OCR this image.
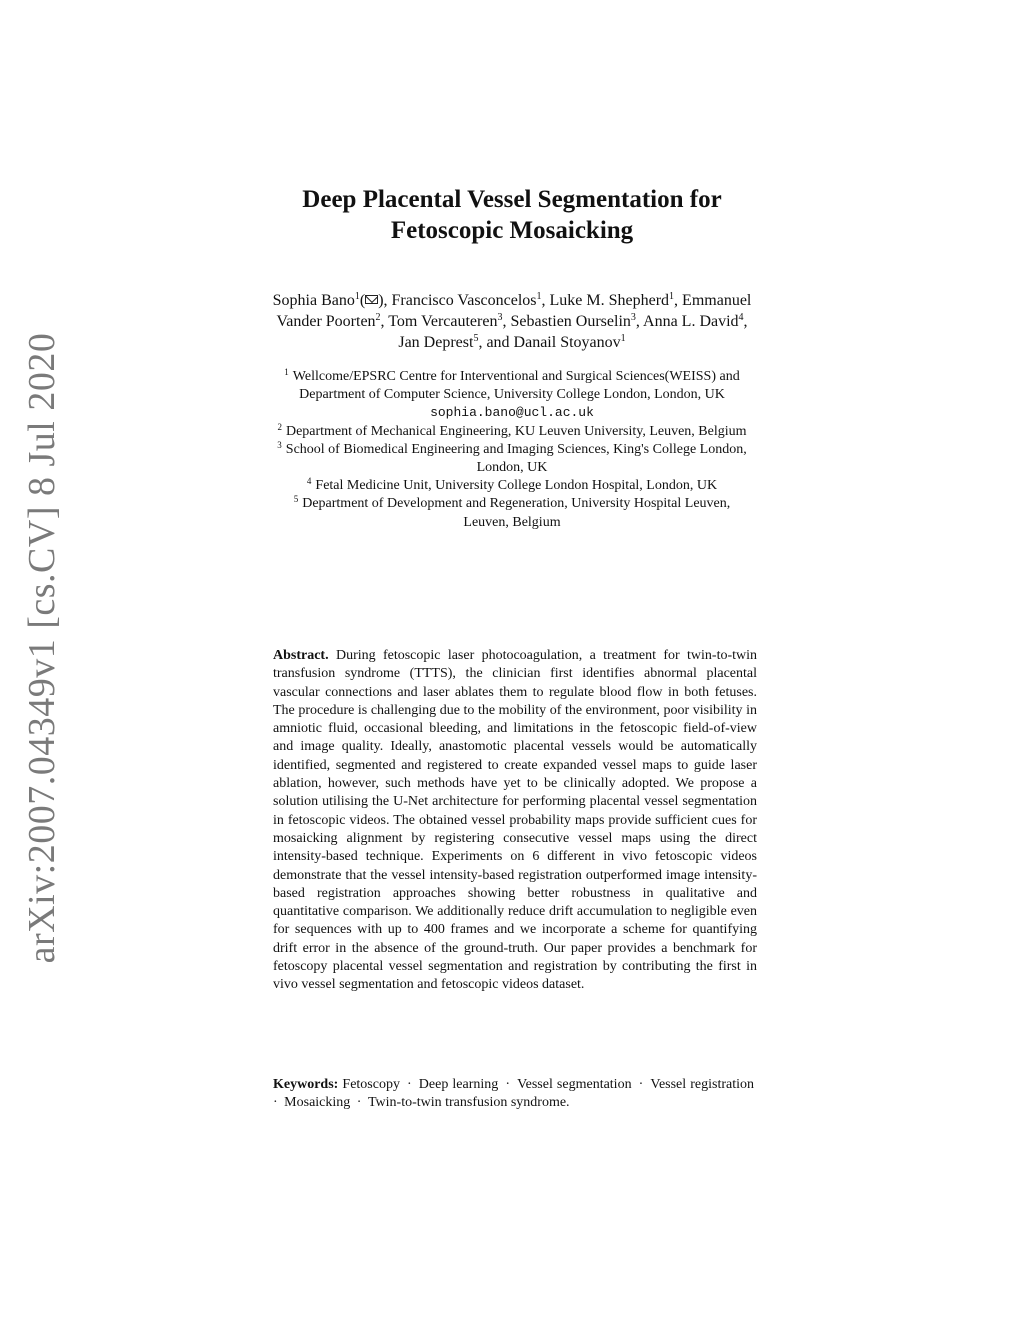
arXiv:2007.04349v1 [cs.CV] 8 Jul 2020
Deep Placental Vessel Segmentation for
Fetoscopic Mosaicking
Sophia Bano$^1$( ), Francisco Vasconcelos$^1$, Luke M. Shepherd$^1$, Emmanuel
Vander Poorten$^2$, Tom Vercauteren$^3$, Sebastien Ourselin$^3$, Anna L. David$^4$,
Jan Deprest$^5$, and Danail Stoyanov$^1$
$^1$ Wellcome/EPSRC Centre for Interventional and Surgical Sciences(WEISS) and
Department of Computer Science, University College London, London, UK
sophia.bano@ucl.ac.uk
$^2$ Department of Mechanical Engineering, KU Leuven University, Leuven, Belgium
$^3$ School of Biomedical Engineering and Imaging Sciences, King's College London,
London, UK
$^4$ Fetal Medicine Unit, University College London Hospital, London, UK
$^5$ Department of Development and Regeneration, University Hospital Leuven,
Leuven, Belgium
Abstract. During fetoscopic laser photocoagulation, a treatment for twin-to-twin transfusion syndrome (TTTS), the clinician first identifies abnormal placental vascular connections and laser ablates them to regulate blood flow in both fetuses. The procedure is challenging due to the mobility of the environment, poor visibility in amniotic fluid, occasional bleeding, and limitations in the fetoscopic field-of-view and image quality. Ideally, anastomotic placental vessels would be automatically identified, segmented and registered to create expanded vessel maps to guide laser ablation, however, such methods have yet to be clinically adopted. We propose a solution utilising the U-Net architecture for performing placental vessel segmentation in fetoscopic videos. The obtained vessel probability maps provide sufficient cues for mosaicking alignment by registering consecutive vessel maps using the direct intensity-based technique. Experiments on 6 different in vivo fetoscopic videos demonstrate that the vessel intensity-based registration outperformed image intensity-based registration approaches showing better robustness in qualitative and quantitative comparison. We additionally reduce drift accumulation to negligible even for sequences with up to 400 frames and we incorporate a scheme for quantifying drift error in the absence of the ground-truth. Our paper provides a benchmark for fetoscopy placental vessel segmentation and registration by contributing the first in vivo vessel segmentation and fetoscopic videos dataset.
Keywords: Fetoscopy · Deep learning · Vessel segmentation · Vessel registration · Mosaicking · Twin-to-twin transfusion syndrome.
